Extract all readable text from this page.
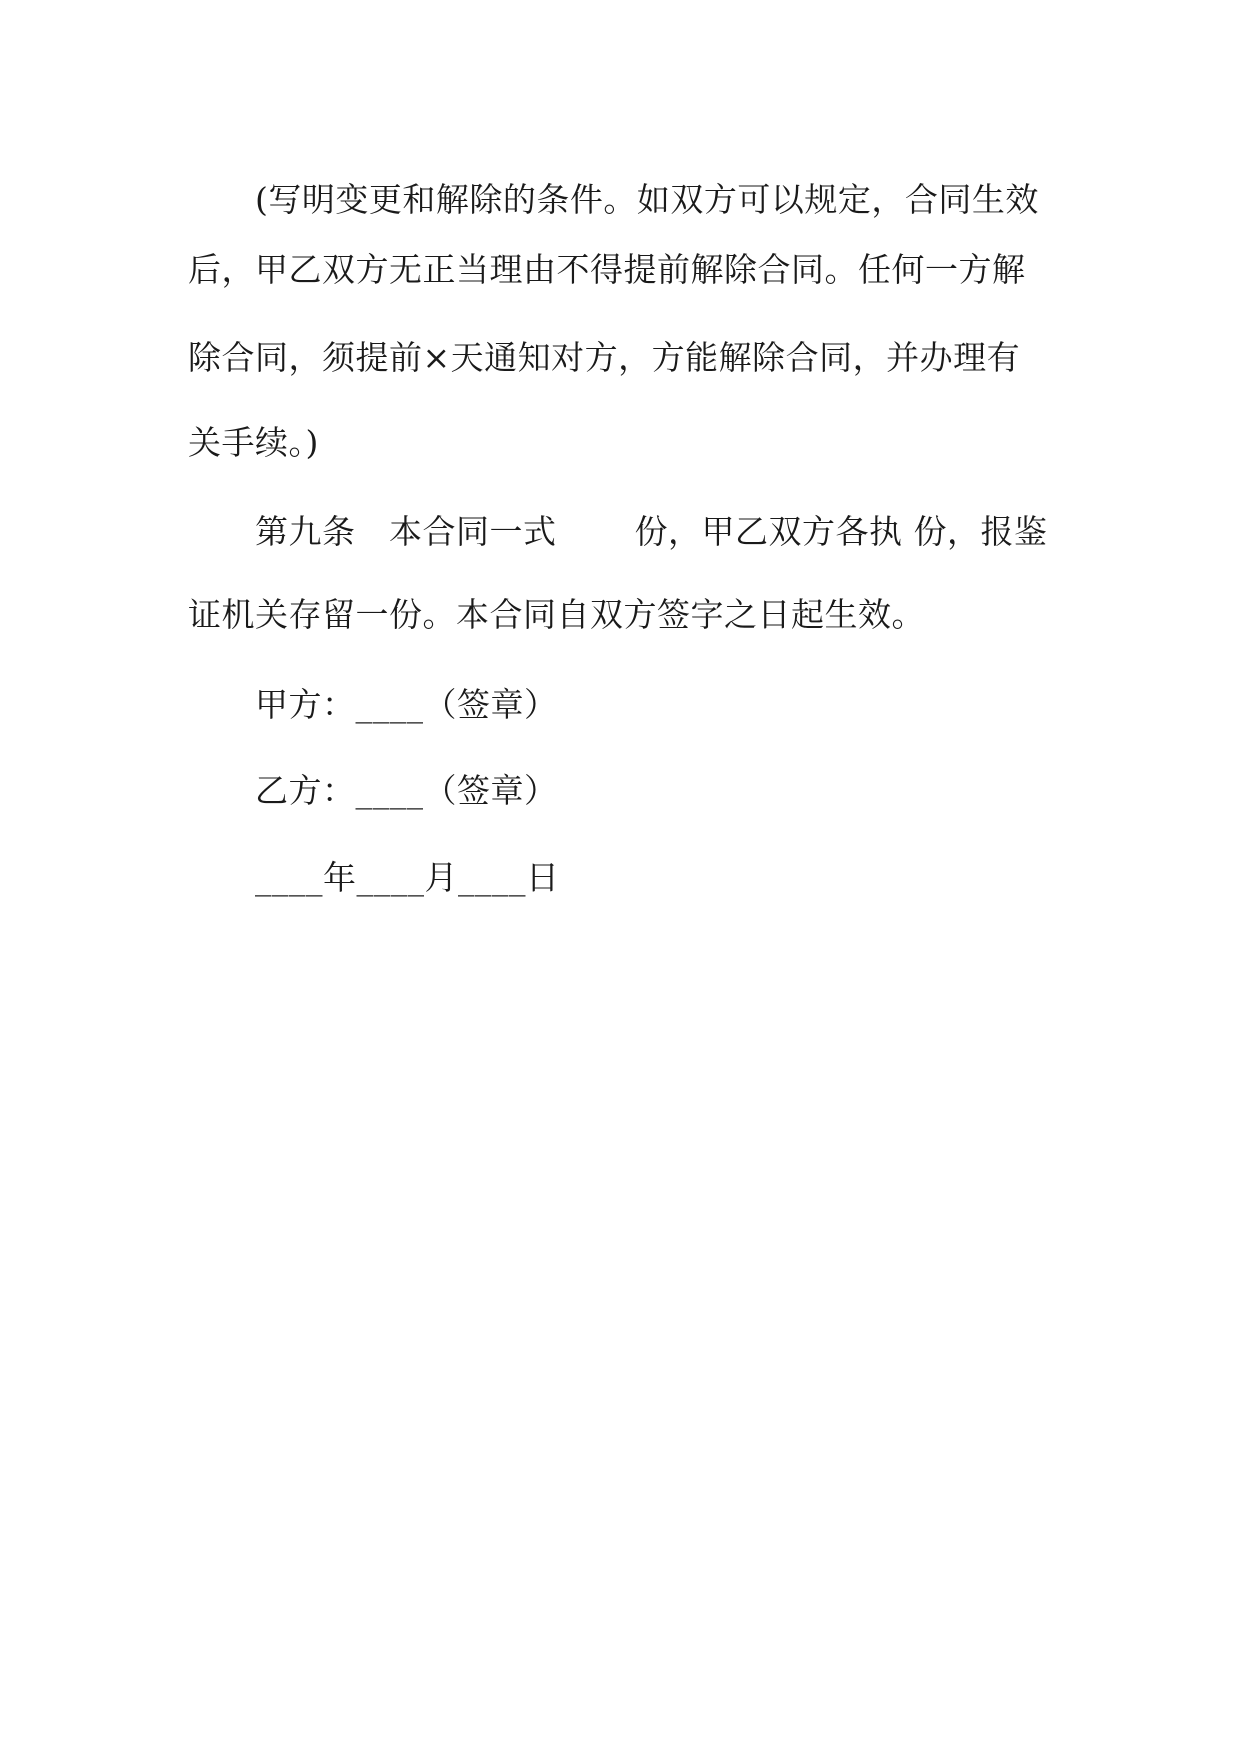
(写明变更和解除的条件。如双方可以规定，合同生效

后，甲乙双方无正当理由不得提前解除合同。任何一方解

除合同，须提前×天通知对方，方能解除合同，并办理有

关手续。)

第九条　本合同一式　　 份，甲乙双方各执 份，报鉴

证机关存留一份。本合同自双方签字之日起生效。

甲方：____（签章）

乙方：____（签章）

____年____月____日
